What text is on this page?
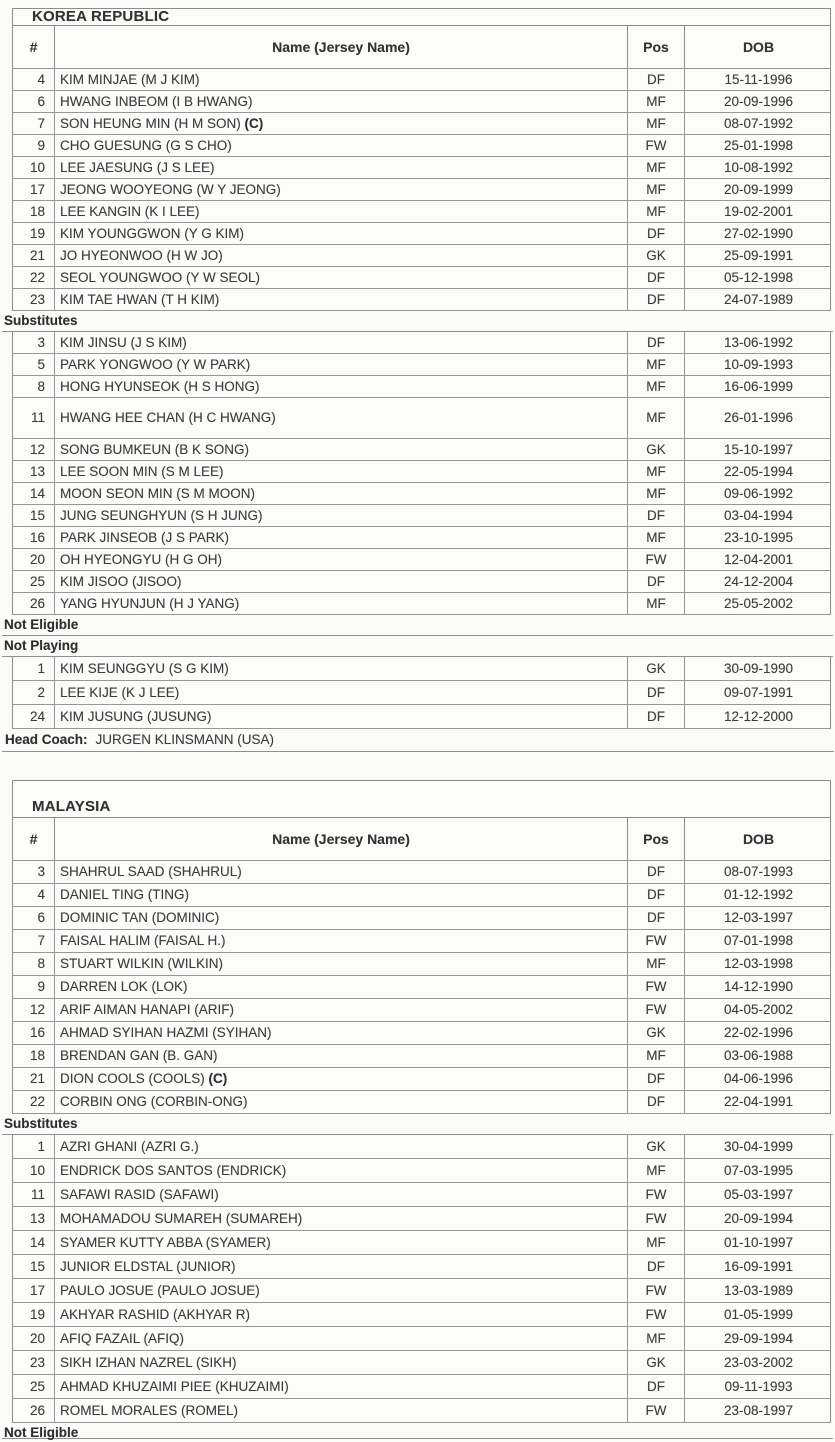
KOREA REPUBLIC
#	Name (Jersey Name)	Pos	DOB
4	KIM MINJAE (M J KIM)	DF	15-11-1996
6	HWANG INBEOM (I B HWANG)	MF	20-09-1996
7	SON HEUNG MIN (H M SON) (C)	MF	08-07-1992
9	CHO GUESUNG (G S CHO)	FW	25-01-1998
10	LEE JAESUNG (J S LEE)	MF	10-08-1992
17	JEONG WOOYEONG (W Y JEONG)	MF	20-09-1999
18	LEE KANGIN (K I LEE)	MF	19-02-2001
19	KIM YOUNGGWON (Y G KIM)	DF	27-02-1990
21	JO HYEONWOO (H W JO)	GK	25-09-1991
22	SEOL YOUNGWOO (Y W SEOL)	DF	05-12-1998
23	KIM TAE HWAN (T H KIM)	DF	24-07-1989
Substitutes
3	KIM JINSU (J S KIM)	DF	13-06-1992
5	PARK YONGWOO (Y W PARK)	MF	10-09-1993
8	HONG HYUNSEOK (H S HONG)	MF	16-06-1999
11	HWANG HEE CHAN (H C HWANG)	MF	26-01-1996
12	SONG BUMKEUN (B K SONG)	GK	15-10-1997
13	LEE SOON MIN (S M LEE)	MF	22-05-1994
14	MOON SEON MIN (S M MOON)	MF	09-06-1992
15	JUNG SEUNGHYUN (S H JUNG)	DF	03-04-1994
16	PARK JINSEOB (J S PARK)	MF	23-10-1995
20	OH HYEONGYU (H G OH)	FW	12-04-2001
25	KIM JISOO (JISOO)	DF	24-12-2004
26	YANG HYUNJUN (H J YANG)	MF	25-05-2002
Not Eligible
Not Playing
1	KIM SEUNGGYU (S G KIM)	GK	30-09-1990
2	LEE KIJE (K J LEE)	DF	09-07-1991
24	KIM JUSUNG (JUSUNG)	DF	12-12-2000
Head Coach: JURGEN KLINSMANN (USA)
MALAYSIA
#	Name (Jersey Name)	Pos	DOB
3	SHAHRUL SAAD (SHAHRUL)	DF	08-07-1993
4	DANIEL TING (TING)	DF	01-12-1992
6	DOMINIC TAN (DOMINIC)	DF	12-03-1997
7	FAISAL HALIM (FAISAL H.)	FW	07-01-1998
8	STUART WILKIN (WILKIN)	MF	12-03-1998
9	DARREN LOK (LOK)	FW	14-12-1990
12	ARIF AIMAN HANAPI (ARIF)	FW	04-05-2002
16	AHMAD SYIHAN HAZMI (SYIHAN)	GK	22-02-1996
18	BRENDAN GAN (B. GAN)	MF	03-06-1988
21	DION COOLS (COOLS) (C)	DF	04-06-1996
22	CORBIN ONG (CORBIN-ONG)	DF	22-04-1991
Substitutes
1	AZRI GHANI (AZRI G.)	GK	30-04-1999
10	ENDRICK DOS SANTOS (ENDRICK)	MF	07-03-1995
11	SAFAWI RASID (SAFAWI)	FW	05-03-1997
13	MOHAMADOU SUMAREH (SUMAREH)	FW	20-09-1994
14	SYAMER KUTTY ABBA (SYAMER)	MF	01-10-1997
15	JUNIOR ELDSTAL (JUNIOR)	DF	16-09-1991
17	PAULO JOSUE (PAULO JOSUE)	FW	13-03-1989
19	AKHYAR RASHID (AKHYAR R)	FW	01-05-1999
20	AFIQ FAZAIL (AFIQ)	MF	29-09-1994
23	SIKH IZHAN NAZREL (SIKH)	GK	23-03-2002
25	AHMAD KHUZAIMI PIEE (KHUZAIMI)	DF	09-11-1993
26	ROMEL MORALES (ROMEL)	FW	23-08-1997
Not Eligible
